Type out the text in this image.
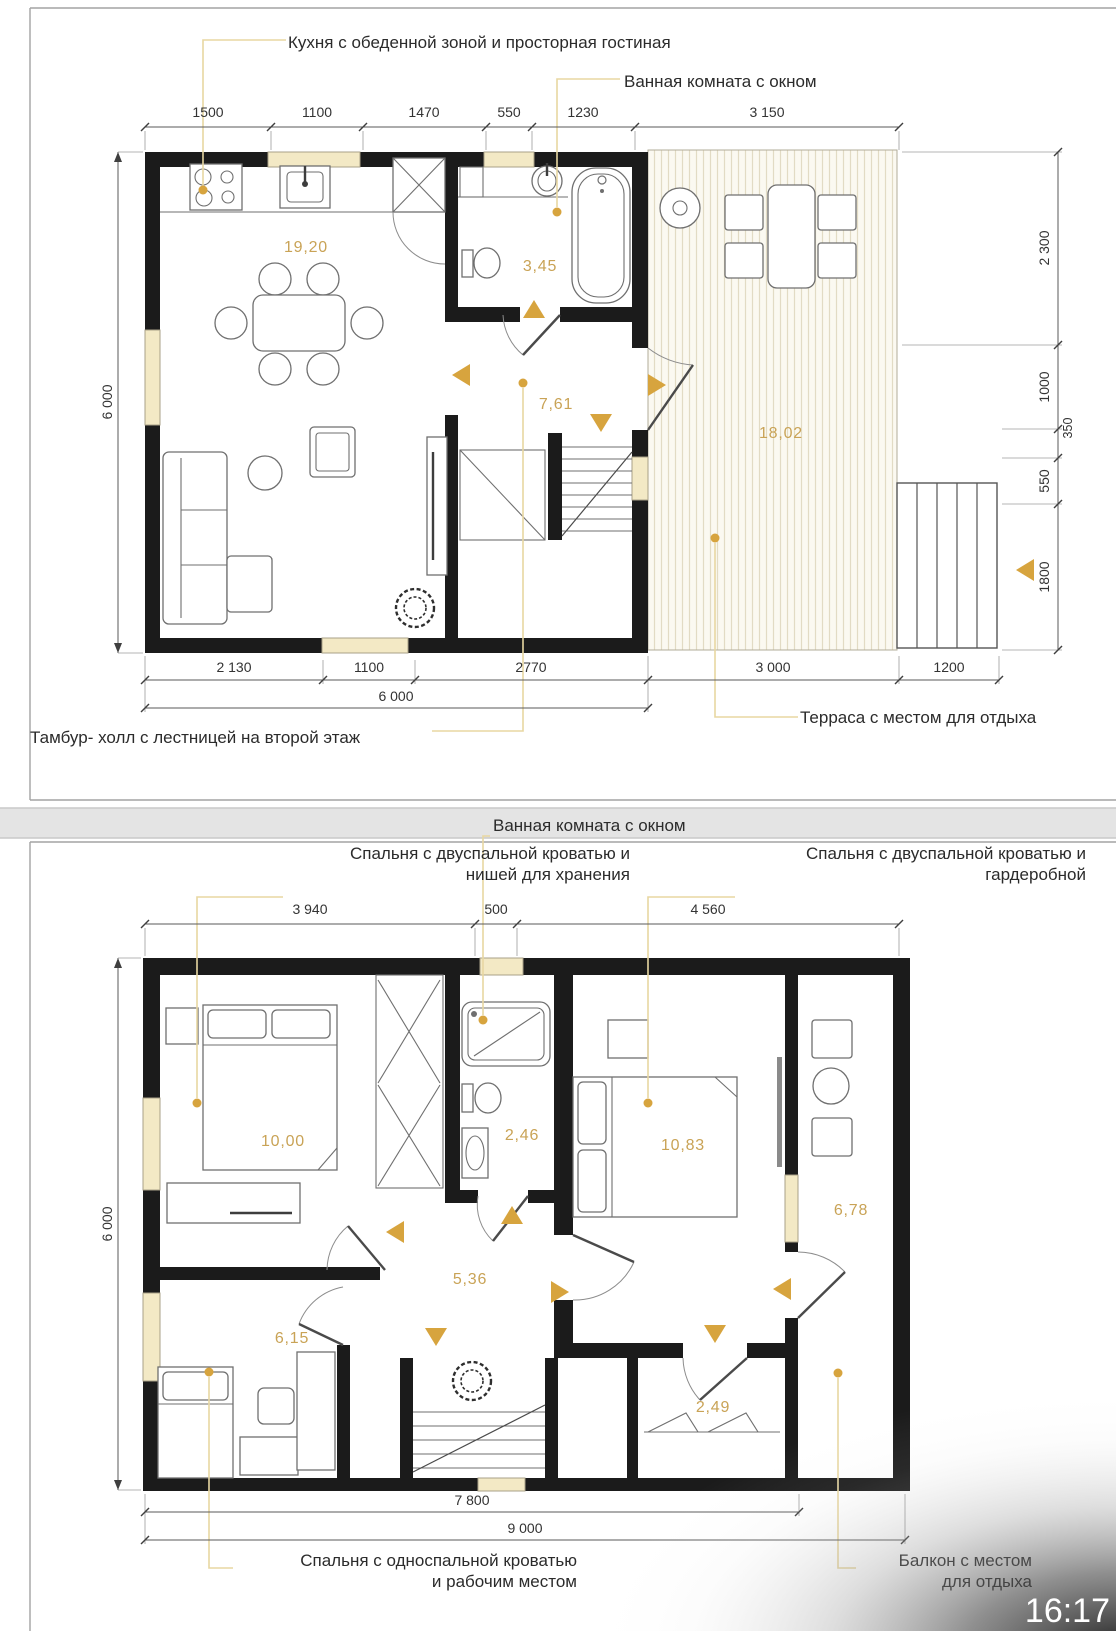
19,20
3,45
7,61
18,02
Кухня с обеденной зоной и просторная гостиная
Ванная комната с окном
Тамбур- холл с лестницей на второй этаж
Терраса с местом для отдыха
1500	1100	1470	550	1230	3 150
6 000
2 300
1000
350
550
1800
2 130	1100	2770	3 000	1200
6 000
10,00	2,46
10,83
6,78
5,36
6,15
Ванная комната с окном
Спальня с двуспальной кроватью и
нишей для хранения
Спальня с двуспальной кроватью и
гардеробной
Спальня с односпальной кроватью
и рабочим местом
3 940	500	4 560
6 000
7 800
9 000
16:17
